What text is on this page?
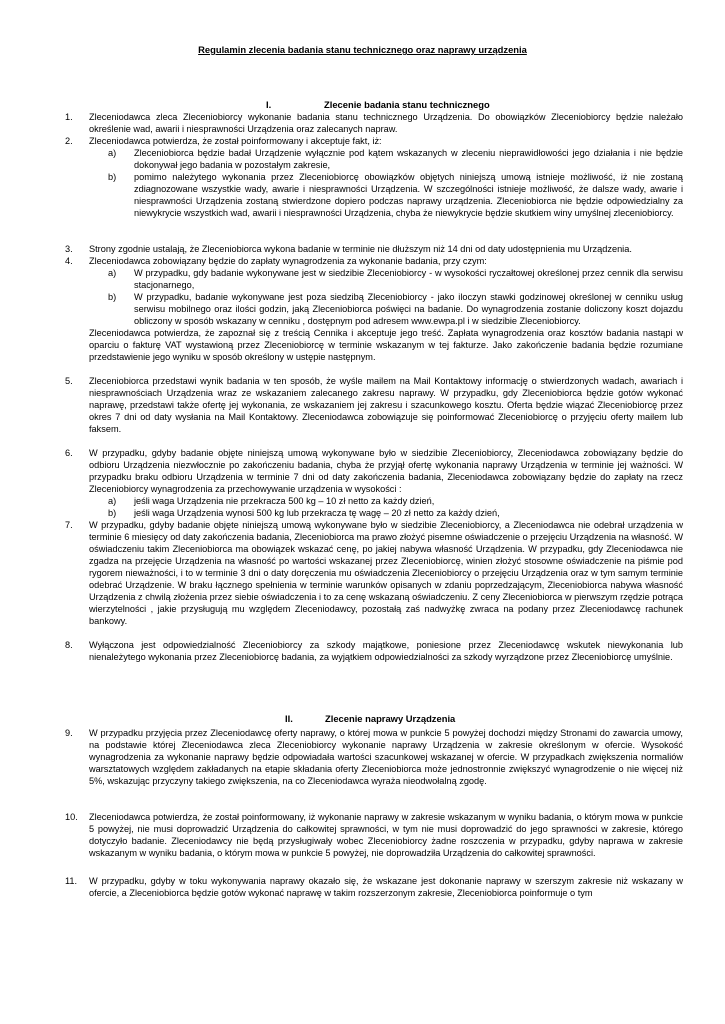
Regulamin zlecenia badania stanu technicznego oraz naprawy urządzenia
I.	Zlecenie badania stanu technicznego
1. Zleceniodawca zleca Zleceniobiorcy wykonanie badania stanu technicznego Urządzenia. Do obowiązków Zleceniobiorcy będzie należało określenie wad, awarii i niesprawności Urządzenia oraz zalecanych napraw.
2. Zleceniodawca potwierdza, że został poinformowany i akceptuje fakt, iż:
a) Zleceniobiorca będzie badał Urządzenie wyłącznie pod kątem wskazanych w zleceniu nieprawidłowości jego działania i nie będzie dokonywał jego badania w pozostałym zakresie,
b) pomimo należytego wykonania przez Zleceniobiorcę obowiązków objętych niniejszą umową istnieje możliwość, iż nie zostaną zdiagnozowane wszystkie wady, awarie i niesprawności Urządzenia. W szczególności istnieje możliwość, że dalsze wady, awarie i niesprawności Urządzenia zostaną stwierdzone dopiero podczas naprawy urządzenia. Zleceniobiorca nie będzie odpowiedzialny za niewykrycie wszystkich wad, awarii i niesprawności Urządzenia, chyba że niewykrycie będzie skutkiem winy umyślnej zleceniobiorcy.
3. Strony zgodnie ustalają, że Zleceniobiorca wykona badanie w terminie nie dłuższym niż 14 dni od daty udostępnienia mu Urządzenia.
4. Zleceniodawca zobowiązany będzie do zapłaty wynagrodzenia za wykonanie badania, przy czym:
a) W przypadku, gdy badanie wykonywane jest w siedzibie Zleceniobiorcy - w wysokości ryczałtowej określonej przez cennik dla serwisu stacjonarnego,
b) W przypadku, badanie wykonywane jest poza siedzibą Zleceniobiorcy - jako iloczyn stawki godzinowej określonej w cenniku usług serwisu mobilnego oraz ilości godzin, jaką Zleceniobiorca poświęci na badanie. Do wynagrodzenia zostanie doliczony koszt dojazdu obliczony w sposób wskazany w cenniku , dostępnym pod adresem www.ewpa.pl i w siedzibie Zleceniobiorcy.
Zleceniodawca potwierdza, że zapoznał się z treścią Cennika i akceptuje jego treść. Zapłata wynagrodzenia oraz kosztów badania nastąpi w oparciu o fakturę VAT wystawioną przez Zleceniobiorcę w terminie wskazanym w tej fakturze. Jako zakończenie badania będzie rozumiane przedstawienie jego wyniku w sposób określony w ustępie następnym.
5. Zleceniobiorca przedstawi wynik badania w ten sposób, że wyśle mailem na Mail Kontaktowy informację o stwierdzonych wadach, awariach i niesprawnościach Urządzenia wraz ze wskazaniem zalecanego zakresu naprawy. W przypadku, gdy Zleceniobiorca będzie gotów wykonać naprawę, przedstawi także ofertę jej wykonania, ze wskazaniem jej zakresu i szacunkowego kosztu. Oferta będzie wiązać Zleceniobiorcę przez okres 7 dni od daty wysłania na Mail Kontaktowy. Zleceniodawca zobowiązuje się poinformować Zleceniobiorcę o przyjęciu oferty mailem lub faksem.
6. W przypadku, gdyby badanie objęte niniejszą umową wykonywane było w siedzibie Zleceniobiorcy, Zleceniodawca zobowiązany będzie do odbioru Urządzenia niezwłocznie po zakończeniu badania, chyba że przyjął ofertę wykonania naprawy Urządzenia w terminie jej ważności. W przypadku braku odbioru Urządzenia w terminie 7 dni od daty zakończenia badania, Zleceniodawca zobowiązany będzie do zapłaty na rzecz Zleceniobiorcy wynagrodzenia za przechowywanie urządzenia w wysokości :
a) jeśli waga Urządzenia nie przekracza 500 kg – 10 zł netto za każdy dzień,
b) jeśli waga Urządzenia wynosi 500 kg lub przekracza tę wagę – 20 zł netto za każdy dzień,
7. W przypadku, gdyby badanie objęte niniejszą umową wykonywane było w siedzibie Zleceniobiorcy, a Zleceniodawca nie odebrał urządzenia w terminie 6 miesięcy od daty zakończenia badania, Zleceniobiorca ma prawo złożyć pisemne oświadczenie o przejęciu Urządzenia na własność. W oświadczeniu takim Zleceniobiorca ma obowiązek wskazać cenę, po jakiej nabywa własność Urządzenia. W przypadku, gdy Zleceniodawca nie zgadza na przejęcie Urządzenia na własność po wartości wskazanej przez Zleceniobiorcę, winien złożyć stosowne oświadczenie na piśmie pod rygorem nieważności, i to w terminie 3 dni o daty doręczenia mu oświadczenia Zleceniobiorcy o przejęciu Urządzenia oraz w tym samym terminie odebrać Urządzenie. W braku łącznego spełnienia w terminie warunków opisanych w zdaniu poprzedzającym, Zleceniobiorca nabywa własność Urządzenia z chwilą złożenia przez siebie oświadczenia i to za cenę wskazaną oświadczeniu. Z ceny Zleceniobiorca w pierwszym rzędzie potrąca wierzytelności , jakie przysługują mu względem Zleceniodawcy, pozostałą zaś nadwyżkę zwraca na podany przez Zleceniodawcę rachunek bankowy.
8. Wyłączona jest odpowiedzialność Zleceniobiorcy za szkody majątkowe, poniesione przez Zleceniodawcę wskutek niewykonania lub nienależytego wykonania przez Zleceniobiorcę badania, za wyjątkiem odpowiedzialności za szkody wyrządzone przez Zleceniobiorcę umyślnie.
II.	Zlecenie naprawy Urządzenia
9. W przypadku przyjęcia przez Zleceniodawcę oferty naprawy, o której mowa w punkcie 5 powyżej dochodzi między Stronami do zawarcia umowy, na podstawie której Zleceniodawca zleca Zleceniobiorcy wykonanie naprawy Urządzenia w zakresie określonym w ofercie. Wysokość wynagrodzenia za wykonanie naprawy będzie odpowiadała wartości szacunkowej wskazanej w ofercie. W przypadkach zwiększenia normaliów warsztatowych względem zakładanych na etapie składania oferty Zleceniobiorca może jednostronnie zwiększyć wynagrodzenie o nie więcej niż 5%, wskazując przyczyny takiego zwiększenia, na co Zleceniodawca wyraża nieodwołalną zgodę.
10. Zleceniodawca potwierdza, że został poinformowany, iż wykonanie naprawy w zakresie wskazanym w wyniku badania, o którym mowa w punkcie 5 powyżej, nie musi doprowadzić Urządzenia do całkowitej sprawności, w tym nie musi doprowadzić do jego sprawności w zakresie, którego dotyczyło badanie. Zleceniodawcy nie będą przysługiwały wobec Zleceniobiorcy żadne roszczenia w przypadku, gdyby naprawa w zakresie wskazanym w wyniku badania, o którym mowa w punkcie 5 powyżej, nie doprowadziła Urządzenia do całkowitej sprawności.
11. W przypadku, gdyby w toku wykonywania naprawy okazało się, że wskazane jest dokonanie naprawy w szerszym zakresie niż wskazany w ofercie, a Zleceniobiorca będzie gotów wykonać naprawę w takim rozszerzonym zakresie, Zleceniobiorca poinformuje o tym
